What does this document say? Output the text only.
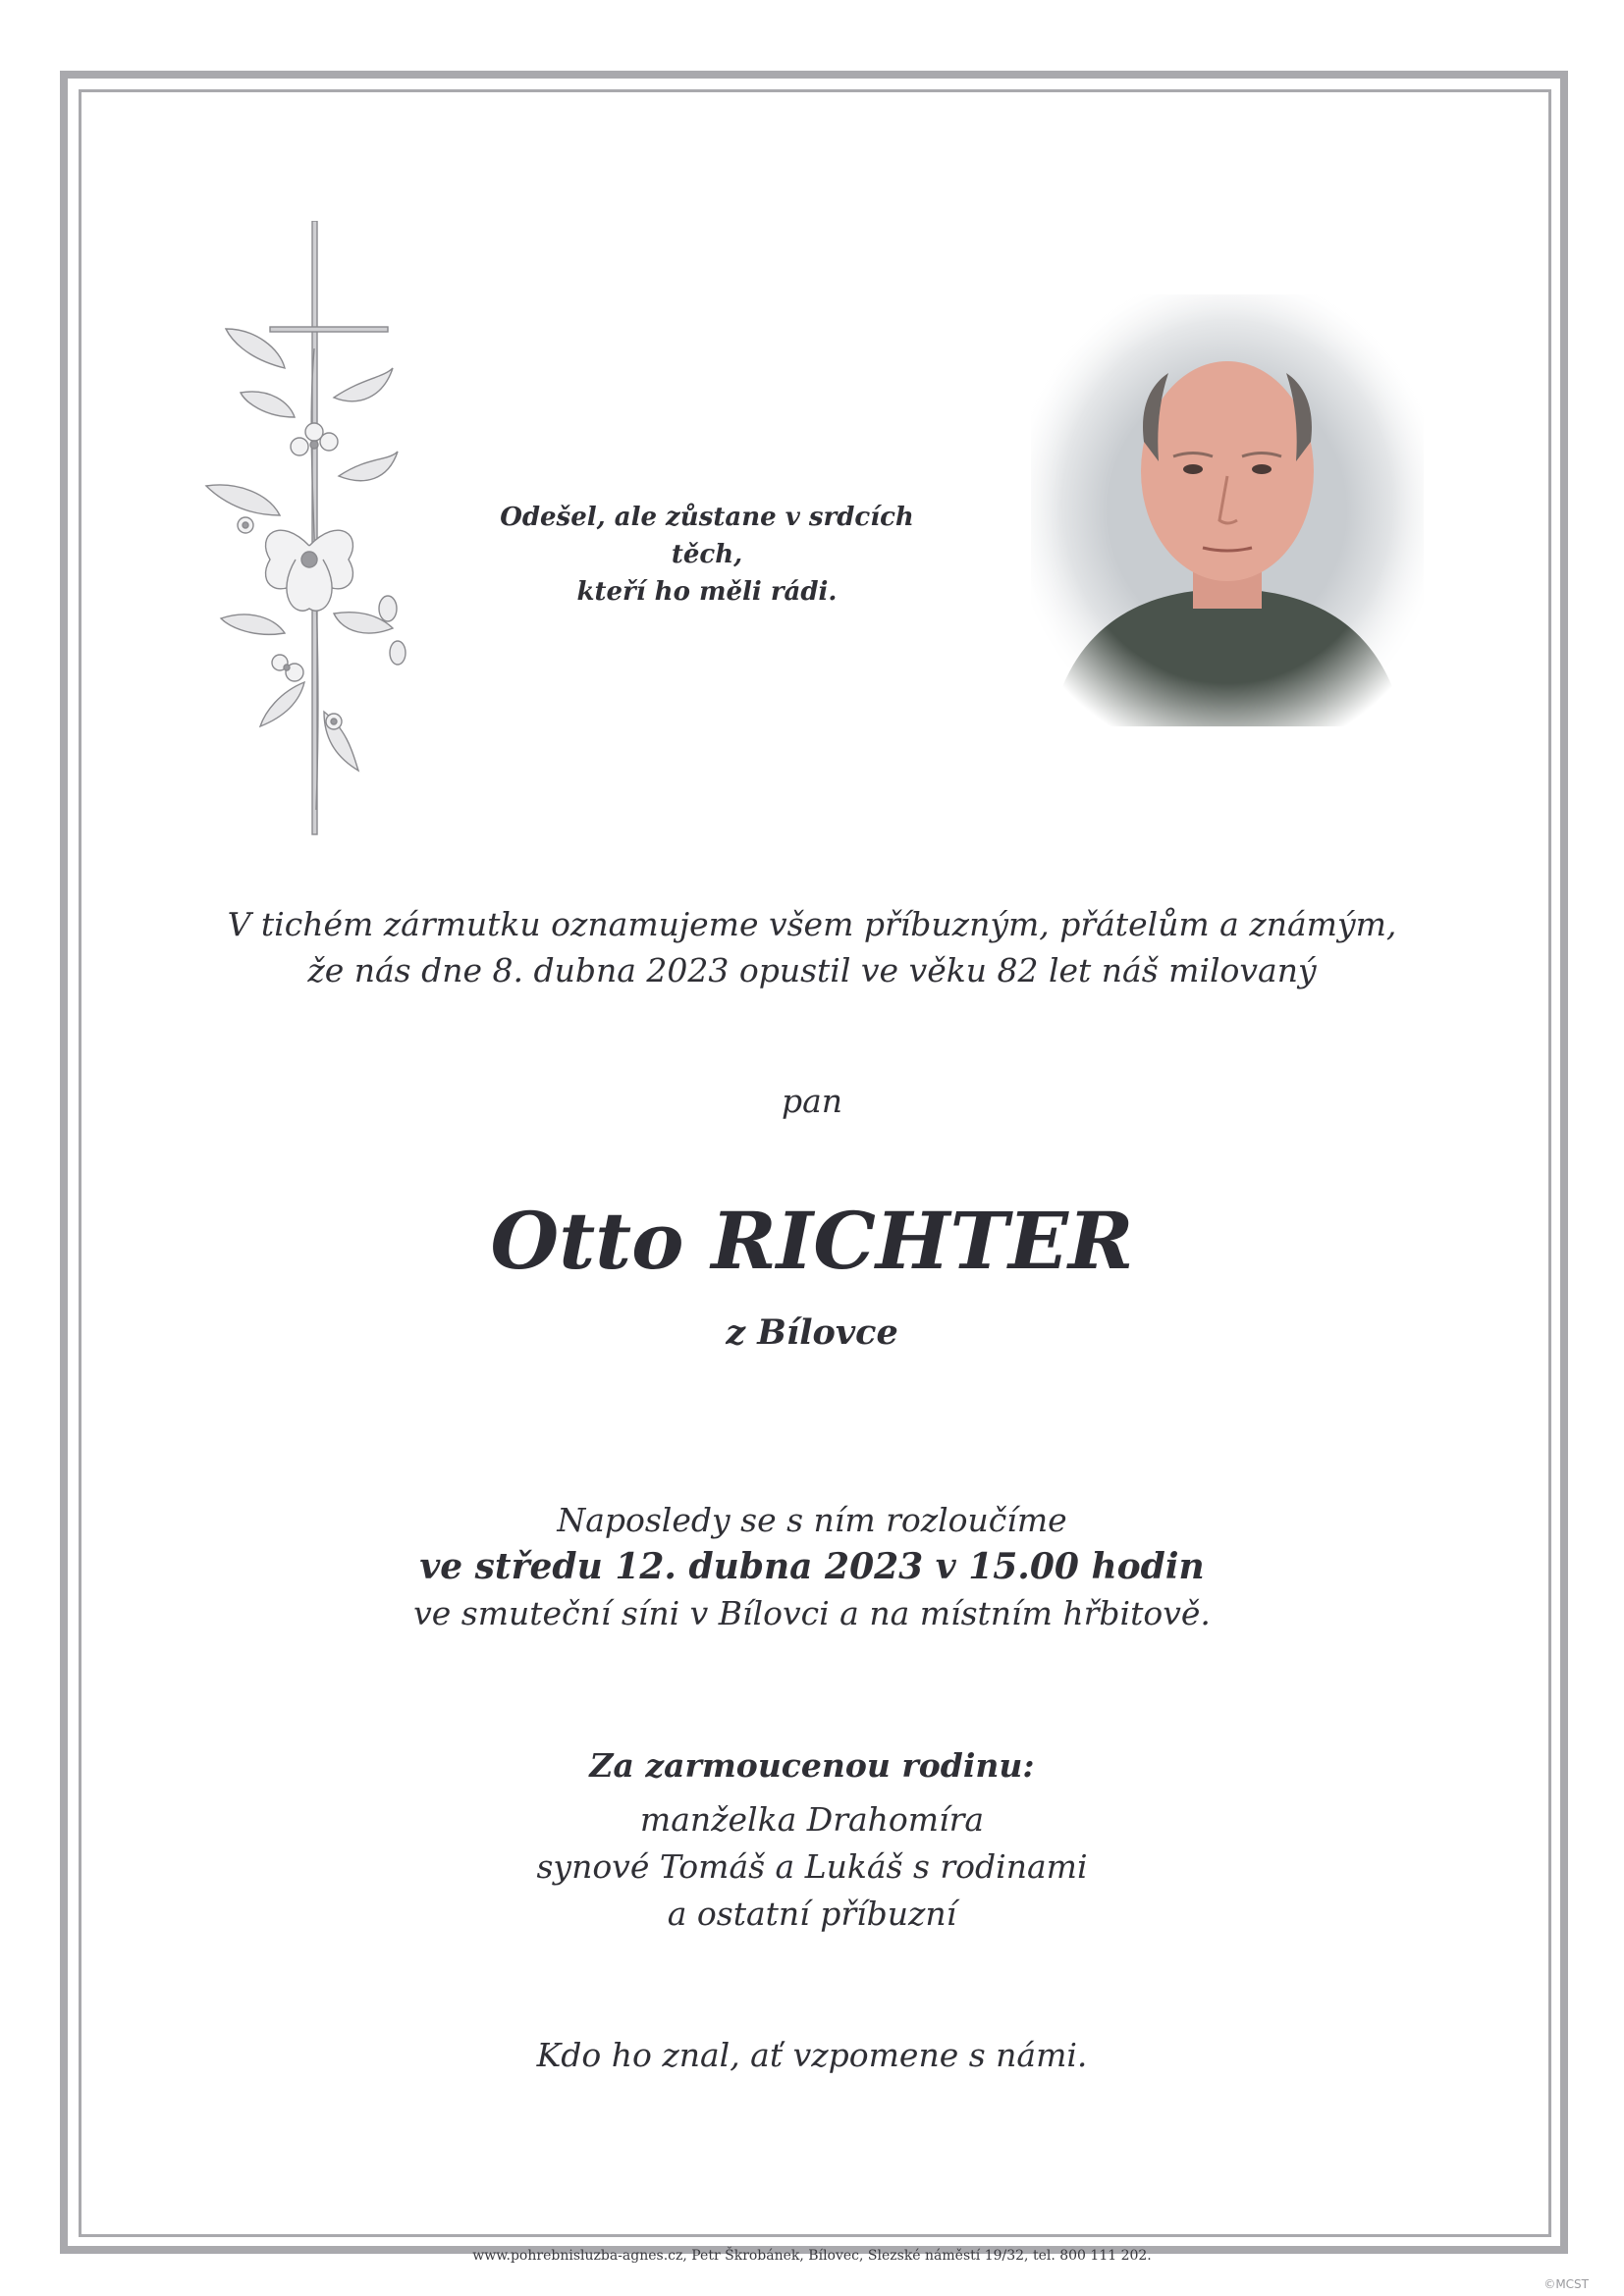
Odešel, ale zůstane v srdcích těch,
kteří ho měli rádi.
V tichém zármutku oznamujeme všem příbuzným, přátelům a známým,
že nás dne 8. dubna 2023 opustil ve věku 82 let náš milovaný
pan
Otto RICHTER
z Bílovce
Naposledy se s ním rozloučíme
ve středu 12. dubna 2023 v 15.00 hodin
ve smuteční síni v Bílovci a na místním hřbitově.
Za zarmoucenou rodinu:
manželka Drahomíra
synové Tomáš a Lukáš s rodinami
a ostatní příbuzní
Kdo ho znal, ať vzpomene s námi.
www.pohrebnisluzba-agnes.cz, Petr Škrobánek, Bílovec, Slezské náměstí 19/32, tel. 800 111 202.
©MCST
